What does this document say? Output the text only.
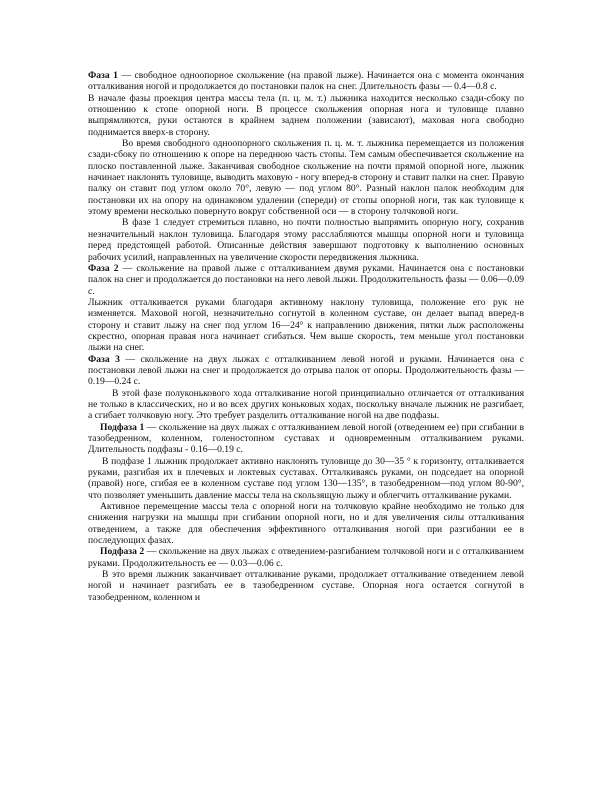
Фаза 1 — свободное одноопорное скольжение (на правой лыже). Начинается она с момента окончания отталкивания ногой и продолжается до постановки палок на снег. Длительность фазы — 0.4—0.8 с.

В начале фазы проекция центра массы тела (п. ц. м. т.) лыжника находится несколько сзади-сбоку по отношению к стопе опорной ноги. В процессе скольжения опорная нога и туловище плавно выпрямляются, руки остаются в крайнем заднем положении (зависают), маховая нога свободно поднимается вверх-в сторону.

Во время свободного одноопорного скольжения п. ц. м. т. лыжника перемещается из положения сзади-сбоку по отношению к опоре на переднюю часть стопы. Тем самым обеспечивается скольжение на плоско поставленной лыже. Заканчивая свободное скольжение на почти прямой опорной ноге, лыжник начинает наклонять туловище, выводить маховую - ногу вперед-в сторону и ставит палки на снег. Правую палку он ставит под углом около 70°, левую — под углом 80°. Разный наклон палок необходим для постановки их на опору на одинаковом удалении (спереди) от стопы опорной ноги, так как туловище к этому времени несколько повернуто вокруг собственной оси — в сторону толчковой ноги.

В фазе 1 следует стремиться плавно, но почти полностью выпрямить опорную ногу, сохранив незначительный наклон туловища. Благодаря этому расслабляются мышцы опорной ноги и туловища перед предстоящей работой. Описанные действия завершают подготовку к выполнению основных рабочих усилий, направленных на увеличение скорости передвижения лыжника.

Фаза 2 — скольжение на правой лыже с отталкиванием двумя руками. Начинается она с постановки палок на снег и продолжается до постановки на него левой лыжи. Продолжительность фазы — 0.06—0.09 с.

Лыжник отталкивается руками благодаря активному наклону туловища, положение его рук не изменяется. Маховой ногой, незначительно согнутой в коленном суставе, он делает выпад вперед-в сторону и ставит лыжу на снег под углом 16—24° к направлению движения, пятки лыж расположены скрестно, опорная правая нога начинает сгибаться. Чем выше скорость, тем меньше угол постановки лыжи на снег.

Фаза 3 — скольжение на двух лыжах с отталкиванием левой ногой и руками. Начинается она с постановки левой лыжи на снег и продолжается до отрыва палок от опоры. Продолжительность фазы — 0.19—0.24 с.

В этой фазе полуконькового хода отталкивание ногой принципиально отличается от отталкивания не только в классических, но и во всех других коньковых ходах, поскольку вначале лыжник не разгибает, а сгибает толчковую ногу. Это требует разделить отталкивание ногой на две подфазы.

Подфаза 1 — скольжение на двух лыжах с отталкиванием левой ногой (отведением ее) при сгибании в тазобедренном, коленном, голеностопном суставах и одновременным отталкиванием руками. Длительность подфазы - 0.16—0.19 с.

В подфазе 1 лыжник продолжает активно наклонять туловище до 30—35 ° к горизонту, отталкивается руками, разгибая их в плечевых и локтевых суставах. Отталкиваясь руками, он подседает на опорной (правой) ноге, сгибая ее в коленном суставе под углом 130—135°, в тазобедренном—под углом 80-90°, что позволяет уменьшить давление массы тела на скользящую лыжу и облегчить отталкивание руками.

Активное перемещение массы тела с опорной ноги на толчковую крайне необходимо не только для снижения нагрузки на мышцы при сгибании опорной ноги, но и для увеличения силы отталкивания отведением, а также для обеспечения эффективного отталкивания ногой при разгибании ее в последующих фазах.

Подфаза 2 — скольжение на двух лыжах с отведением-разгибанием толчковой ноги и с отталкиванием руками. Продолжительность ее — 0.03—0.06 с.

В это время лыжник заканчивает отталкивание руками, продолжает отталкивание отведением левой ногой и начинает разгибать ее в тазобедренном суставе. Опорная нога остается согнутой в тазобедренном, коленном и
